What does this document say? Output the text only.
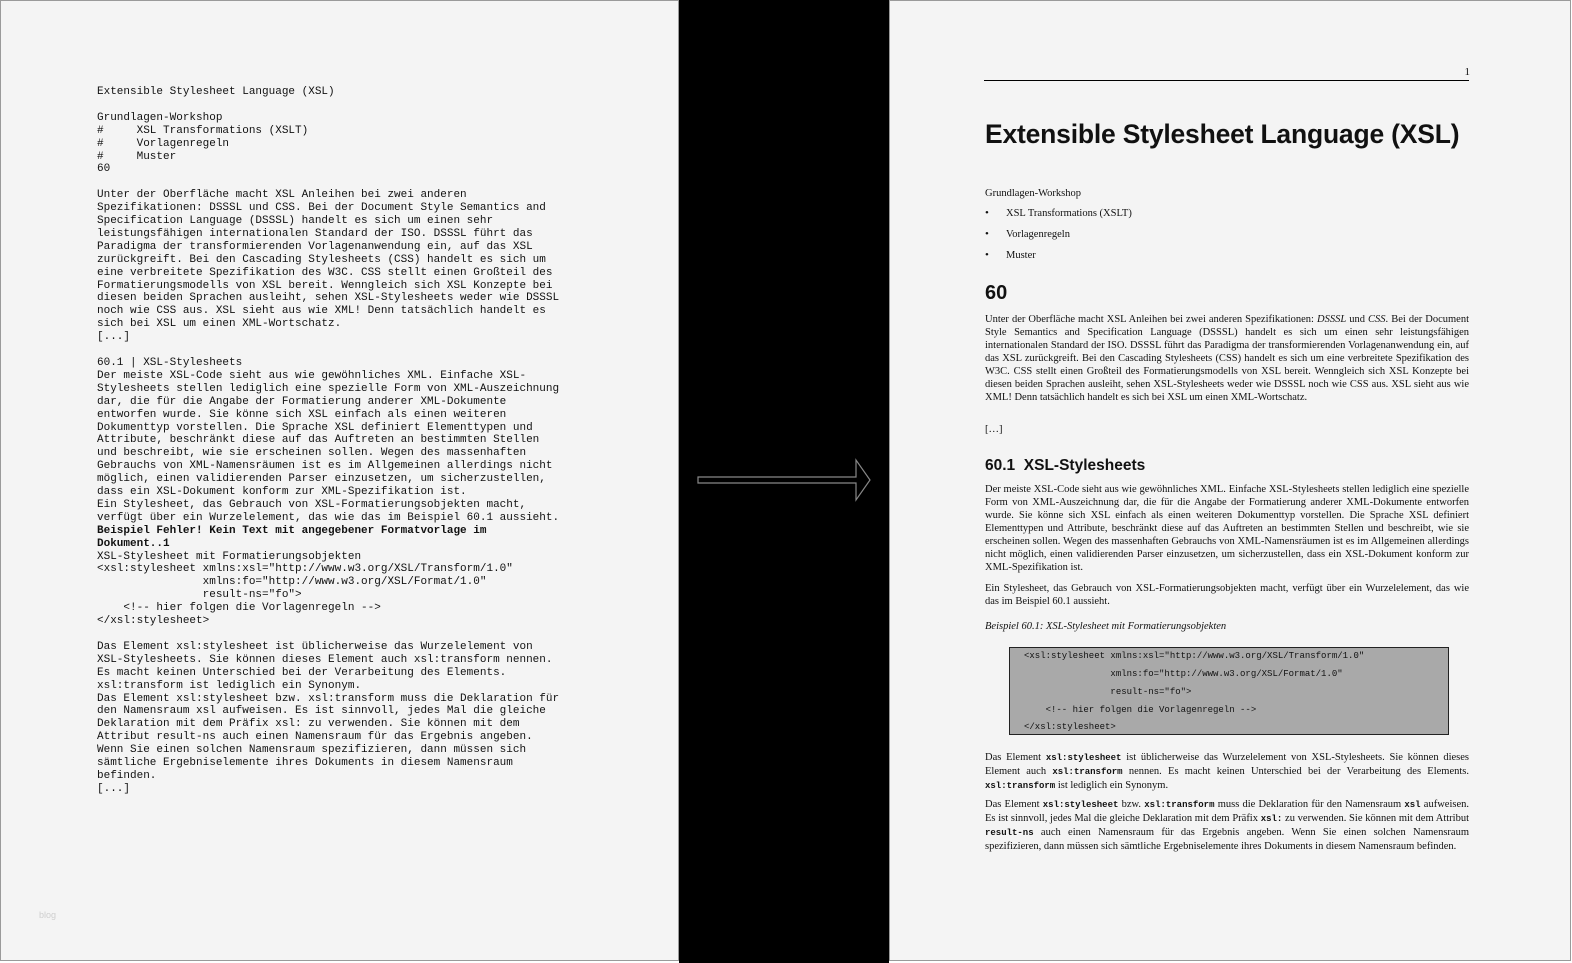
Extensible Stylesheet Language (XSL)
Grundlagen-Workshop
#     XSL Transformations (XSLT)
#     Vorlagenregeln
#     Muster
60
Unter der Oberfläche macht XSL Anleihen bei zwei anderen
Spezifikationen: DSSSL und CSS. Bei der Document Style Semantics and
Specification Language (DSSSL) handelt es sich um einen sehr
leistungsfähigen internationalen Standard der ISO. DSSSL führt das
Paradigma der transformierenden Vorlagenanwendung ein, auf das XSL
zurückgreift. Bei den Cascading Stylesheets (CSS) handelt es sich um
eine verbreitete Spezifikation des W3C. CSS stellt einen Großteil des
Formatierungsmodells von XSL bereit. Wenngleich sich XSL Konzepte bei
diesen beiden Sprachen ausleiht, sehen XSL-Stylesheets weder wie DSSSL
noch wie CSS aus. XSL sieht aus wie XML! Denn tatsächlich handelt es
sich bei XSL um einen XML-Wortschatz.
[...]
60.1 | XSL-Stylesheets
Der meiste XSL-Code sieht aus wie gewöhnliches XML. Einfache XSL-
Stylesheets stellen lediglich eine spezielle Form von XML-Auszeichnung
dar, die für die Angabe der Formatierung anderer XML-Dokumente
entworfen wurde. Sie könne sich XSL einfach als einen weiteren
Dokumenttyp vorstellen. Die Sprache XSL definiert Elementtypen und
Attribute, beschränkt diese auf das Auftreten an bestimmten Stellen
und beschreibt, wie sie erscheinen sollen. Wegen des massenhaften
Gebrauchs von XML-Namensräumen ist es im Allgemeinen allerdings nicht
möglich, einen validierenden Parser einzusetzen, um sicherzustellen,
dass ein XSL-Dokument konform zur XML-Spezifikation ist.
Ein Stylesheet, das Gebrauch von XSL-Formatierungsobjekten macht,
verfügt über ein Wurzelelement, das wie das im Beispiel 60.1 aussieht.
Beispiel Fehler! Kein Text mit angegebener Formatvorlage im
Dokument..1
XSL-Stylesheet mit Formatierungsobjekten
<xsl:stylesheet xmlns:xsl="http://www.w3.org/XSL/Transform/1.0"
xmlns:fo="http://www.w3.org/XSL/Format/1.0"
result-ns="fo">
<!-- hier folgen die Vorlagenregeln -->
</xsl:stylesheet>
Das Element xsl:stylesheet ist üblicherweise das Wurzelelement von
XSL-Stylesheets. Sie können dieses Element auch xsl:transform nennen.
Es macht keinen Unterschied bei der Verarbeitung des Elements.
xsl:transform ist lediglich ein Synonym.
Das Element xsl:stylesheet bzw. xsl:transform muss die Deklaration für
den Namensraum xsl aufweisen. Es ist sinnvoll, jedes Mal die gleiche
Deklaration mit dem Präfix xsl: zu verwenden. Sie können mit dem
Attribut result-ns auch einen Namensraum für das Ergebnis angeben.
Wenn Sie einen solchen Namensraum spezifizieren, dann müssen sich
sämtliche Ergebniselemente ihres Dokuments in diesem Namensraum
befinden.
[...]
blog
1
Extensible Stylesheet Language (XSL)
Grundlagen-Workshop
• XSL Transformations (XSLT)
• Vorlagenregeln
• Muster
60

Unter der Oberfläche macht XSL Anleihen bei zwei anderen Spezifikationen: DSSSL und CSS. Bei der Document Style Semantics and Specification Language (DSSSL) handelt es sich um einen sehr leistungsfähigen internationalen Standard der ISO. DSSSL führt das Paradigma der transformierenden Vorlagenanwendung ein, auf das XSL zurückgreift. Bei den Cascading Stylesheets (CSS) handelt es sich um eine verbreitete Spezifikation des W3C. CSS stellt einen Großteil des Formatierungsmodells von XSL bereit. Wenngleich sich XSL Konzepte bei diesen beiden Sprachen ausleiht, sehen XSL-Stylesheets weder wie DSSSL noch wie CSS aus. XSL sieht aus wie XML! Denn tatsächlich handelt es sich bei XSL um einen XML-Wortschatz.

[…]
60.1  XSL-Stylesheets

Der meiste XSL-Code sieht aus wie gewöhnliches XML. Einfache XSL-Stylesheets stellen lediglich eine spezielle Form von XML-Auszeichnung dar, die für die Angabe der Formatierung anderer XML-Dokumente entworfen wurde. Sie könne sich XSL einfach als einen weiteren Dokumenttyp vorstellen. Die Sprache XSL definiert Elementtypen und Attribute, beschränkt diese auf das Auftreten an bestimmten Stellen und beschreibt, wie sie erscheinen sollen. Wegen des massenhaften Gebrauchs von XML-Namensräumen ist es im Allgemeinen allerdings nicht möglich, einen validierenden Parser einzusetzen, um sicherzustellen, dass ein XSL-Dokument konform zur XML-Spezifikation ist.

Ein Stylesheet, das Gebrauch von XSL-Formatierungsobjekten macht, verfügt über ein Wurzelelement, das wie das im Beispiel 60.1 aussieht.

Beispiel 60.1: XSL-Stylesheet mit Formatierungsobjekten
<xsl:stylesheet xmlns:xsl="http://www.w3.org/XSL/Transform/1.0"
xmlns:fo="http://www.w3.org/XSL/Format/1.0"
result-ns="fo">
<!-- hier folgen die Vorlagenregeln -->
</xsl:stylesheet>

Das Element xsl:stylesheet ist üblicherweise das Wurzelelement von XSL-Stylesheets. Sie können dieses Element auch xsl:transform nennen. Es macht keinen Unterschied bei der Verarbeitung des Elements. xsl:transform ist lediglich ein Synonym.

Das Element xsl:stylesheet bzw. xsl:transform muss die Deklaration für den Namensraum xsl aufweisen. Es ist sinnvoll, jedes Mal die gleiche Deklaration mit dem Präfix xsl: zu verwenden. Sie können mit dem Attribut result-ns auch einen Namensraum für das Ergebnis angeben. Wenn Sie einen solchen Namensraum spezifizieren, dann müssen sich sämtliche Ergebniselemente ihres Dokuments in diesem Namensraum befinden.
